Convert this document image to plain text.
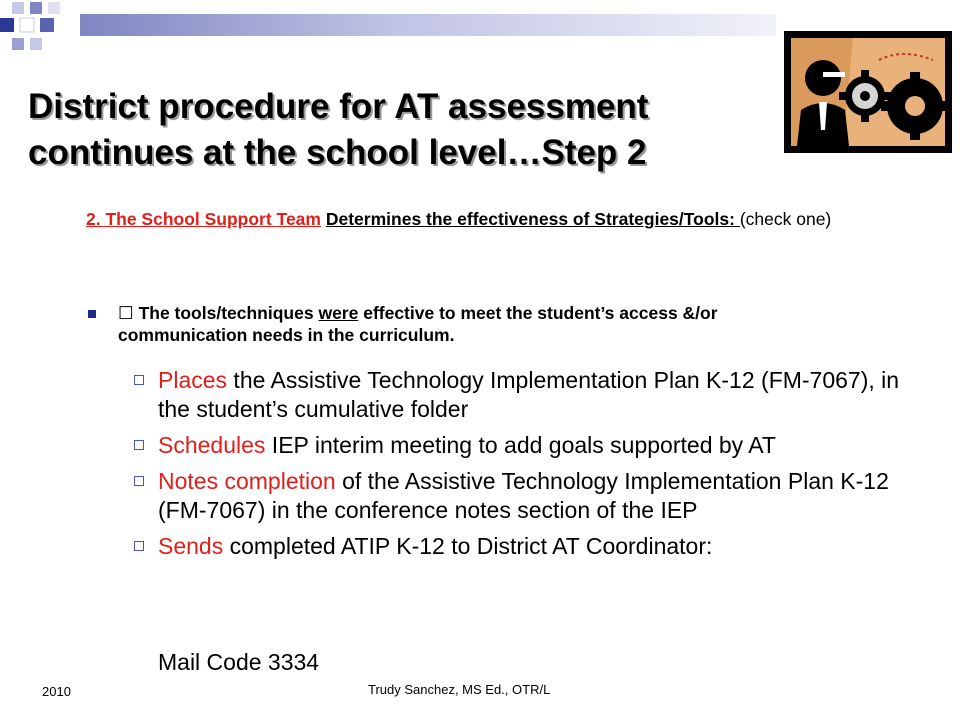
District procedure for AT assessment
continues at the school level…Step 2
2. The School Support Team Determines the effectiveness of Strategies/Tools: (check one)
☐ The tools/techniques were effective to meet the student’s access &/or communication needs in the curriculum.
Places the Assistive Technology Implementation Plan K-12 (FM-7067), in the student’s cumulative folder
Schedules IEP interim meeting to add goals supported by AT
Notes completion of the Assistive Technology Implementation Plan K-12 (FM-7067) in the conference notes section of the IEP
Sends completed ATIP K-12 to District AT Coordinator:
Mail Code 3334
2010	Trudy Sanchez, MS Ed., OTR/L
